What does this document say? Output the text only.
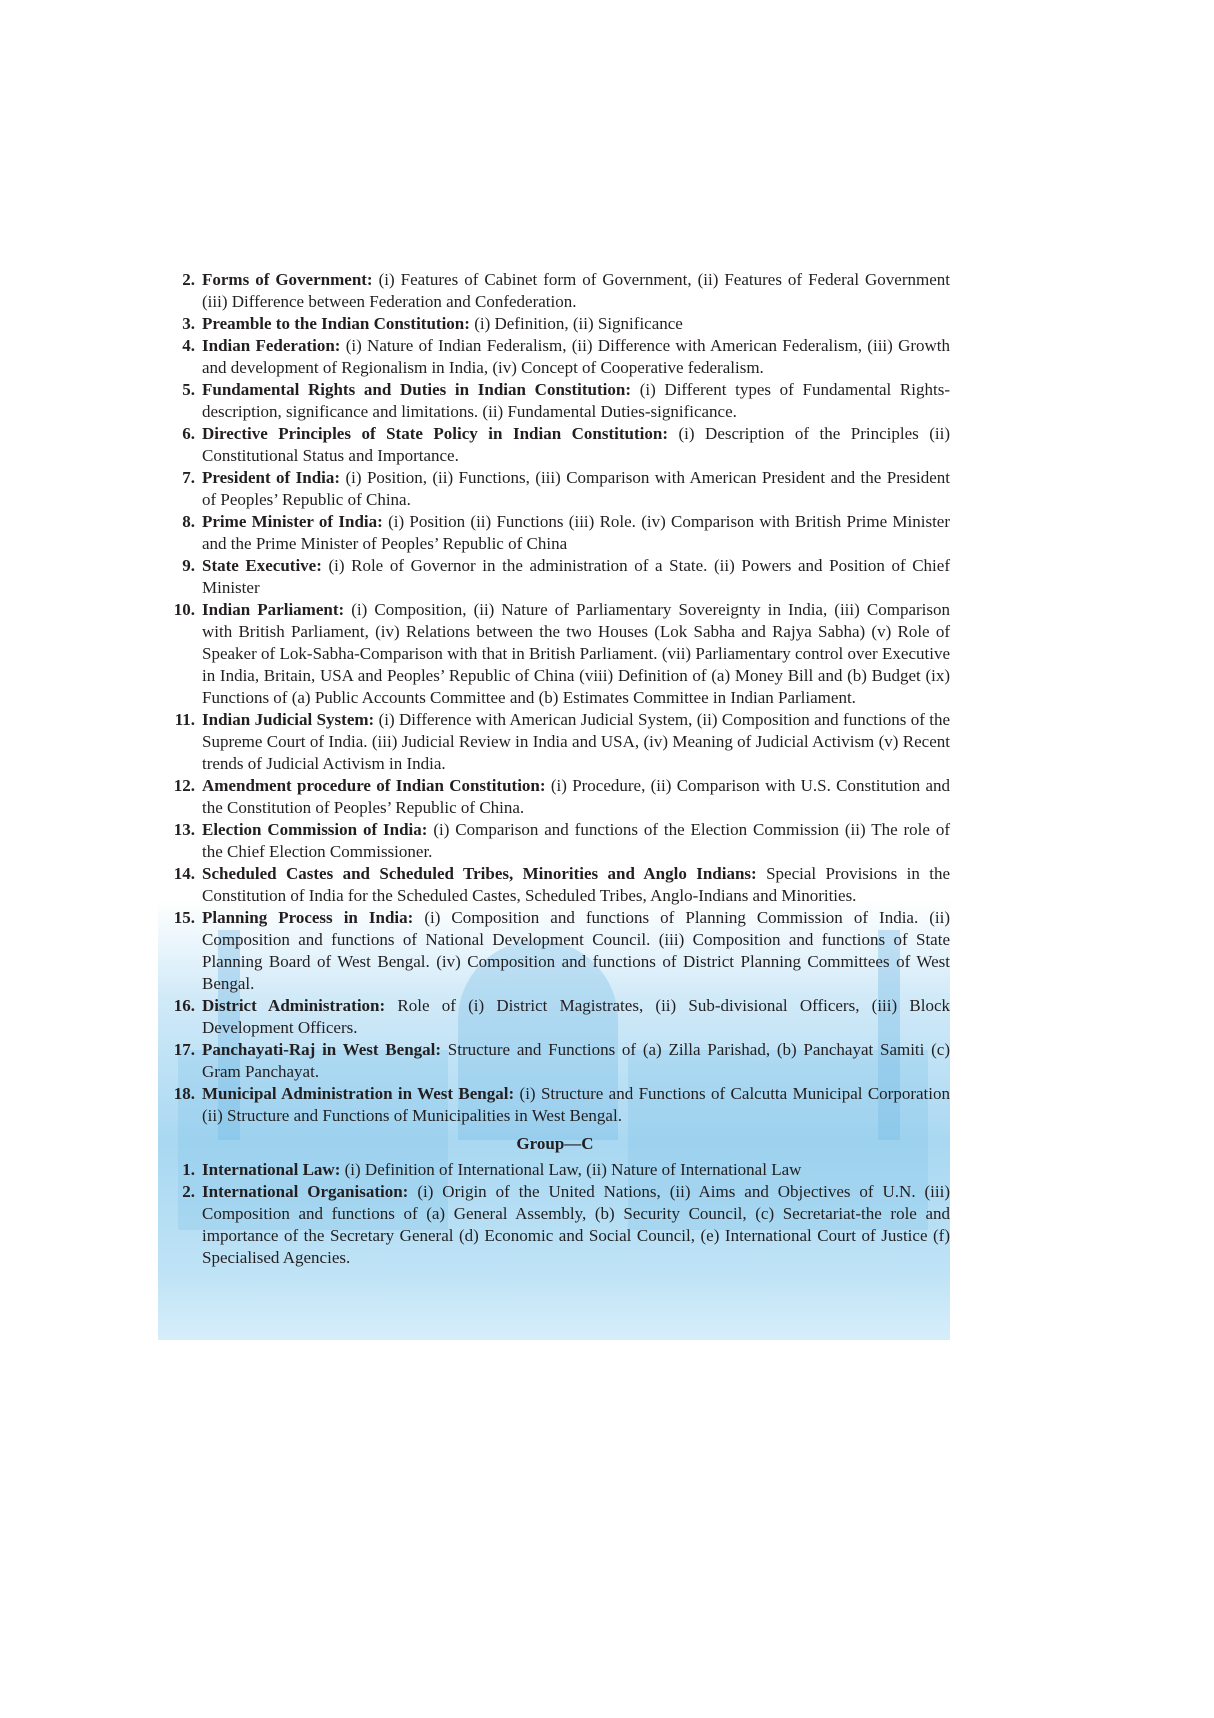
2. Forms of Government: (i) Features of Cabinet form of Government, (ii) Features of Federal Government (iii) Difference between Federation and Confederation.
3. Preamble to the Indian Constitution: (i) Definition, (ii) Significance
4. Indian Federation: (i) Nature of Indian Federalism, (ii) Difference with American Federalism, (iii) Growth and development of Regionalism in India, (iv) Concept of Cooperative federalism.
5. Fundamental Rights and Duties in Indian Constitution: (i) Different types of Fundamental Rights-description, significance and limitations. (ii) Fundamental Duties-significance.
6. Directive Principles of State Policy in Indian Constitution: (i) Description of the Principles (ii) Constitutional Status and Importance.
7. President of India: (i) Position, (ii) Functions, (iii) Comparison with American President and the President of Peoples’ Republic of China.
8. Prime Minister of India: (i) Position (ii) Functions (iii) Role. (iv) Comparison with British Prime Minister and the Prime Minister of Peoples’ Republic of China
9. State Executive: (i) Role of Governor in the administration of a State. (ii) Powers and Position of Chief Minister
10. Indian Parliament: (i) Composition, (ii) Nature of Parliamentary Sovereignty in India, (iii) Comparison with British Parliament, (iv) Relations between the two Houses (Lok Sabha and Rajya Sabha) (v) Role of Speaker of Lok-Sabha-Comparison with that in British Parliament. (vii) Parliamentary control over Executive in India, Britain, USA and Peoples’ Republic of China (viii) Definition of (a) Money Bill and (b) Budget (ix) Functions of (a) Public Accounts Committee and (b) Estimates Committee in Indian Parliament.
11. Indian Judicial System: (i) Difference with American Judicial System, (ii) Composition and functions of the Supreme Court of India. (iii) Judicial Review in India and USA, (iv) Meaning of Judicial Activism (v) Recent trends of Judicial Activism in India.
12. Amendment procedure of Indian Constitution: (i) Procedure, (ii) Comparison with U.S. Constitution and the Constitution of Peoples’ Republic of China.
13. Election Commission of India: (i) Comparison and functions of the Election Commission (ii) The role of the Chief Election Commissioner.
14. Scheduled Castes and Scheduled Tribes, Minorities and Anglo Indians: Special Provisions in the Constitution of India for the Scheduled Castes, Scheduled Tribes, Anglo-Indians and Minorities.
15. Planning Process in India: (i) Composition and functions of Planning Commission of India. (ii) Composition and functions of National Development Council. (iii) Composition and functions of State Planning Board of West Bengal. (iv) Composition and functions of District Planning Committees of West Bengal.
16. District Administration: Role of (i) District Magistrates, (ii) Sub-divisional Officers, (iii) Block Development Officers.
17. Panchayati-Raj in West Bengal: Structure and Functions of (a) Zilla Parishad, (b) Panchayat Samiti (c) Gram Panchayat.
18. Municipal Administration in West Bengal: (i) Structure and Functions of Calcutta Municipal Corporation (ii) Structure and Functions of Municipalities in West Bengal.
Group—C
1. International Law: (i) Definition of International Law, (ii) Nature of International Law
2. International Organisation: (i) Origin of the United Nations, (ii) Aims and Objectives of U.N. (iii) Composition and functions of (a) General Assembly, (b) Security Council, (c) Secretariat-the role and importance of the Secretary General (d) Economic and Social Council, (e) International Court of Justice (f) Specialised Agencies.
